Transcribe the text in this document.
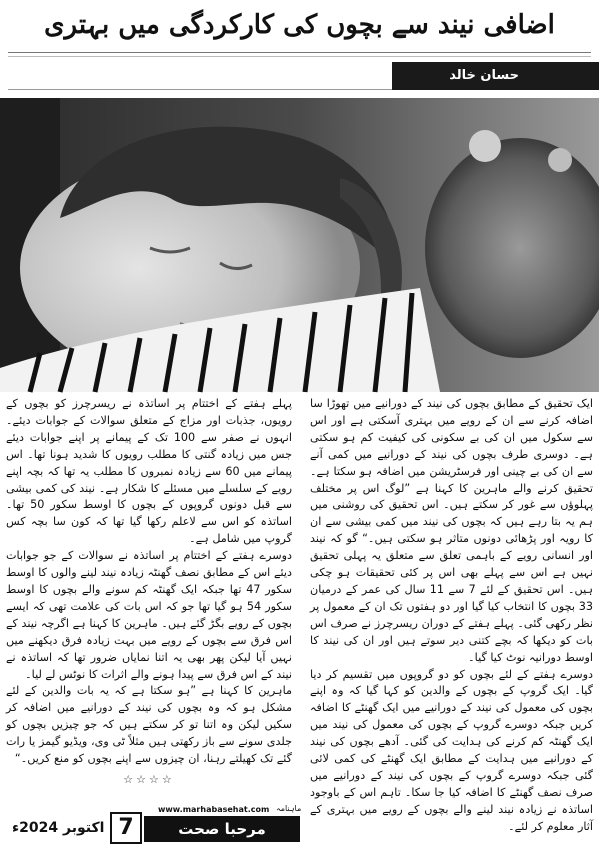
اضافی نیند سے بچوں کی کارکردگی میں بہتری
حسان خالد

ایک تحقیق کے مطابق بچوں کی نیند کے دورانیے میں تھوڑا سا اضافہ کرنے سے ان کے رویے میں بہتری آسکتی ہے اور اس سے سکول میں ان کی بے سکونی کی کیفیت کم ہو سکتی ہے۔ دوسری طرف بچوں کی نیند کے دورانیے میں کمی آنے سے ان کی بے چینی اور فرسٹریشن میں اضافہ ہو سکتا ہے۔ تحقیق کرنے والے ماہرین کا کہنا ہے ”لوگ اس پر مختلف پہلوؤں سے غور کر سکتے ہیں۔ اس تحقیق کی روشنی میں ہم یہ بتا رہے ہیں کہ بچوں کی نیند میں کمی بیشی سے ان کا رویہ اور پڑھائی دونوں متاثر ہو سکتی ہیں۔“ گو کہ نیند اور انسانی رویے کے باہمی تعلق سے متعلق یہ پہلی تحقیق نہیں ہے اس سے پہلے بھی اس پر کئی تحقیقات ہو چکی ہیں۔ اس تحقیق کے لئے 7 سے 11 سال کی عمر کے درمیان 33 بچوں کا انتخاب کیا گیا اور دو ہفتوں تک ان کے معمول پر نظر رکھی گئی۔ پہلے ہفتے کے دوران ریسرچرز نے صرف اس بات کو دیکھا کہ بچے کتنی دیر سوتے ہیں اور ان کی نیند کا اوسط دورانیہ نوٹ کیا گیا۔

دوسرے ہفتے کے لئے بچوں کو دو گروپوں میں تقسیم کر دیا گیا۔ ایک گروپ کے بچوں کے والدین کو کہا گیا کہ وہ اپنے بچوں کی معمول کی نیند کے دورانیے میں ایک گھنٹے کا اضافہ کریں جبکہ دوسرے گروپ کے بچوں کی معمول کی نیند میں ایک گھنٹہ کم کرنے کی ہدایت کی گئی۔ آدھے بچوں کی نیند کے دورانیے میں ہدایت کے مطابق ایک گھنٹے کی کمی لائی گئی جبکہ دوسرے گروپ کے بچوں کی نیند کے دورانیے میں صرف نصف گھنٹے کا اضافہ کیا جا سکا۔ تاہم اس کے باوجود اساتذہ نے زیادہ نیند لینے والے بچوں کے رویے میں بہتری کے آثار معلوم کر لئے۔

پہلے ہفتے کے اختتام پر اساتذہ نے ریسرچرز کو بچوں کے رویوں، جذبات اور مزاج کے متعلق سوالات کے جوابات دیئے۔ انہوں نے صفر سے 100 تک کے پیمانے پر اپنے جوابات دیئے جس میں زیادہ گنتی کا مطلب رویوں کا شدید ہونا تھا۔ اس پیمانے میں 60 سے زیادہ نمبروں کا مطلب یہ تھا کہ بچہ اپنے رویے کے سلسلے میں مسئلے کا شکار ہے۔ نیند کی کمی بیشی سے قبل دونوں گروپوں کے بچوں کا اوسط سکور 50 تھا۔ اساتذہ کو اس سے لاعلم رکھا گیا تھا کہ کون سا بچہ کس گروپ میں شامل ہے۔

دوسرے ہفتے کے اختتام پر اساتذہ نے سوالات کے جو جوابات دیئے اس کے مطابق نصف گھنٹہ زیادہ نیند لینے والوں کا اوسط سکور 47 تھا جبکہ ایک گھنٹہ کم سونے والے بچوں کا اوسط سکور 54 ہو گیا تھا جو کہ اس بات کی علامت تھی کہ ایسے بچوں کے رویے بگڑ گئے ہیں۔ ماہرین کا کہنا ہے اگرچہ نیند کے اس فرق سے بچوں کے رویے میں بہت زیادہ فرق دیکھنے میں نہیں آیا لیکن پھر بھی یہ اتنا نمایاں ضرور تھا کہ اساتذہ نے نیند کے اس فرق سے پیدا ہونے والے اثرات کا نوٹس لے لیا۔

ماہرین کا کہنا ہے ”ہو سکتا ہے کہ یہ بات والدین کے لئے مشکل ہو کہ وہ بچوں کی نیند کے دورانیے میں اضافہ کر سکیں لیکن وہ اتنا تو کر سکتے ہیں کہ جو چیزیں بچوں کو جلدی سونے سے باز رکھتی ہیں مثلاً ٹی وی، ویڈیو گیمز یا رات گئے تک کھیلتے رہنا، ان چیزوں سے اپنے بچوں کو منع کریں۔“

☆☆☆☆
اکتوبر 2024ء 7
www.marhabasehat.com ماہنامہ
مرحبا صحت
